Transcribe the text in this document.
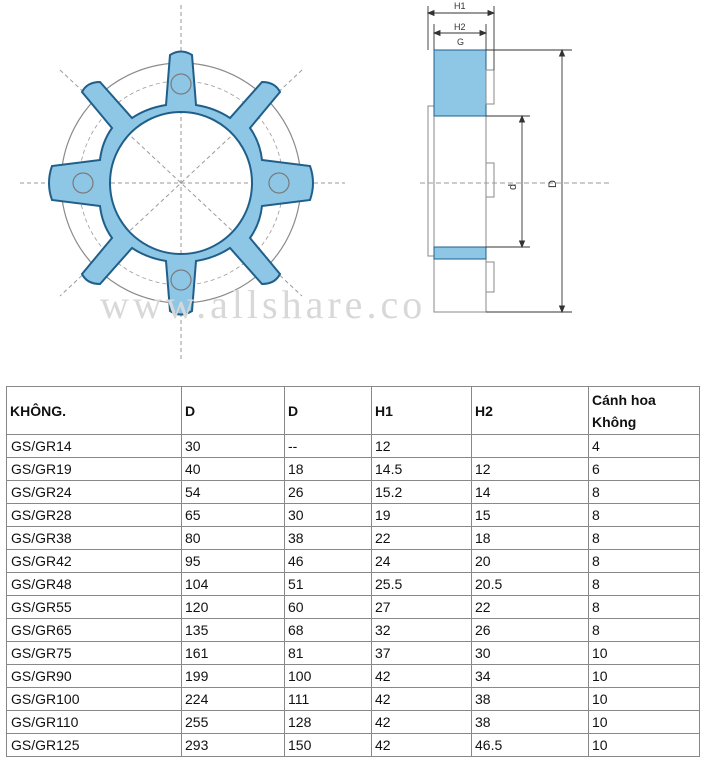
www.allshare.co
H1
H2
G
d	D
KHÔNG.	D	D	H1	H2	Cánh hoa Không
GS/GR14	30	--	12		4
GS/GR19	40	18	14.5	12	6
GS/GR24	54	26	15.2	14	8
GS/GR28	65	30	19	15	8
GS/GR38	80	38	22	18	8
GS/GR42	95	46	24	20	8
GS/GR48	104	51	25.5	20.5	8
GS/GR55	120	60	27	22	8
GS/GR65	135	68	32	26	8
GS/GR75	161	81	37	30	10
GS/GR90	199	100	42	34	10
GS/GR100	224	111	42	38	10
GS/GR110	255	128	42	38	10
GS/GR125	293	150	42	46.5	10
